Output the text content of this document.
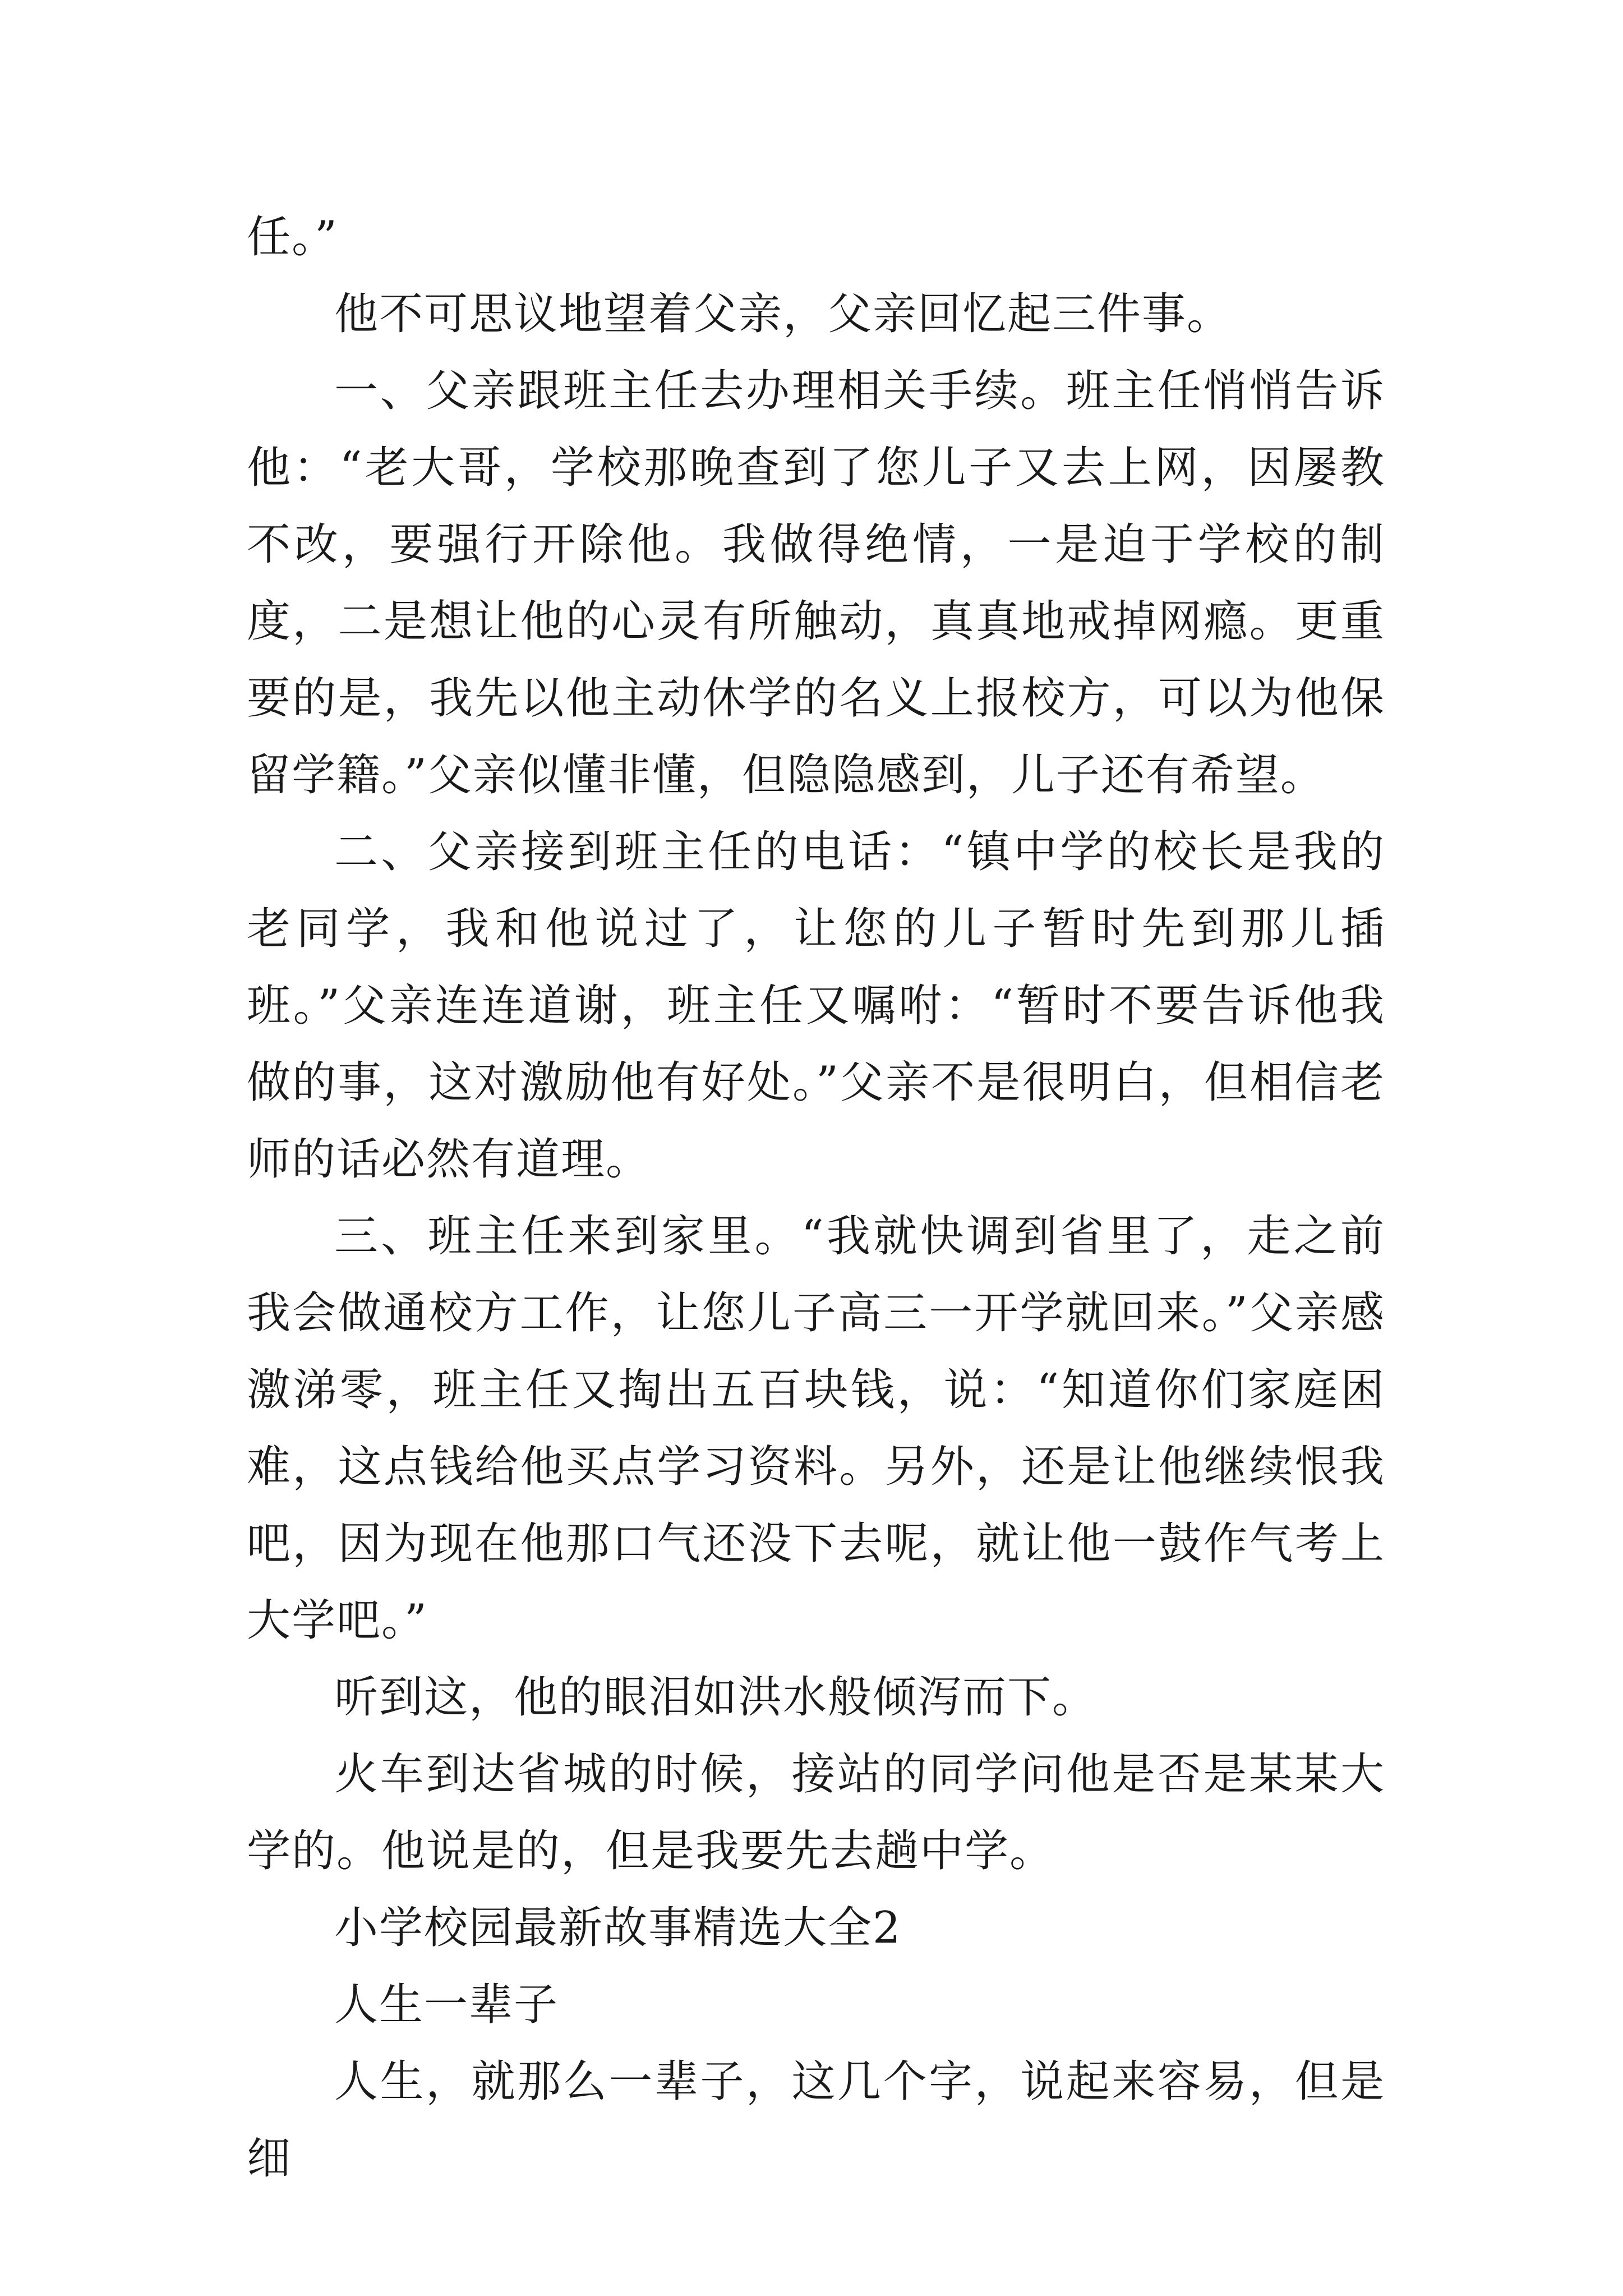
任。”

他不可思议地望着父亲，父亲回忆起三件事。

一、父亲跟班主任去办理相关手续。班主任悄悄告诉他：“老大哥，学校那晚查到了您儿子又去上网，因屡教不改，要强行开除他。我做得绝情，一是迫于学校的制度，二是想让他的心灵有所触动，真真地戒掉网瘾。更重要的是，我先以他主动休学的名义上报校方，可以为他保留学籍。”父亲似懂非懂，但隐隐感到，儿子还有希望。

二、父亲接到班主任的电话：“镇中学的校长是我的老同学，我和他说过了，让您的儿子暂时先到那儿插班。”父亲连连道谢，班主任又嘱咐：“暂时不要告诉他我做的事，这对激励他有好处。”父亲不是很明白，但相信老师的话必然有道理。

三、班主任来到家里。“我就快调到省里了，走之前我会做通校方工作，让您儿子高三一开学就回来。”父亲感激涕零，班主任又掏出五百块钱，说：“知道你们家庭困难，这点钱给他买点学习资料。另外，还是让他继续恨我吧，因为现在他那口气还没下去呢，就让他一鼓作气考上大学吧。”

听到这，他的眼泪如洪水般倾泻而下。

火车到达省城的时候，接站的同学问他是否是某某大学的。他说是的，但是我要先去趟中学。

小学校园最新故事精选大全2

人生一辈子

人生，就那么一辈子，这几个字，说起来容易，但是细
